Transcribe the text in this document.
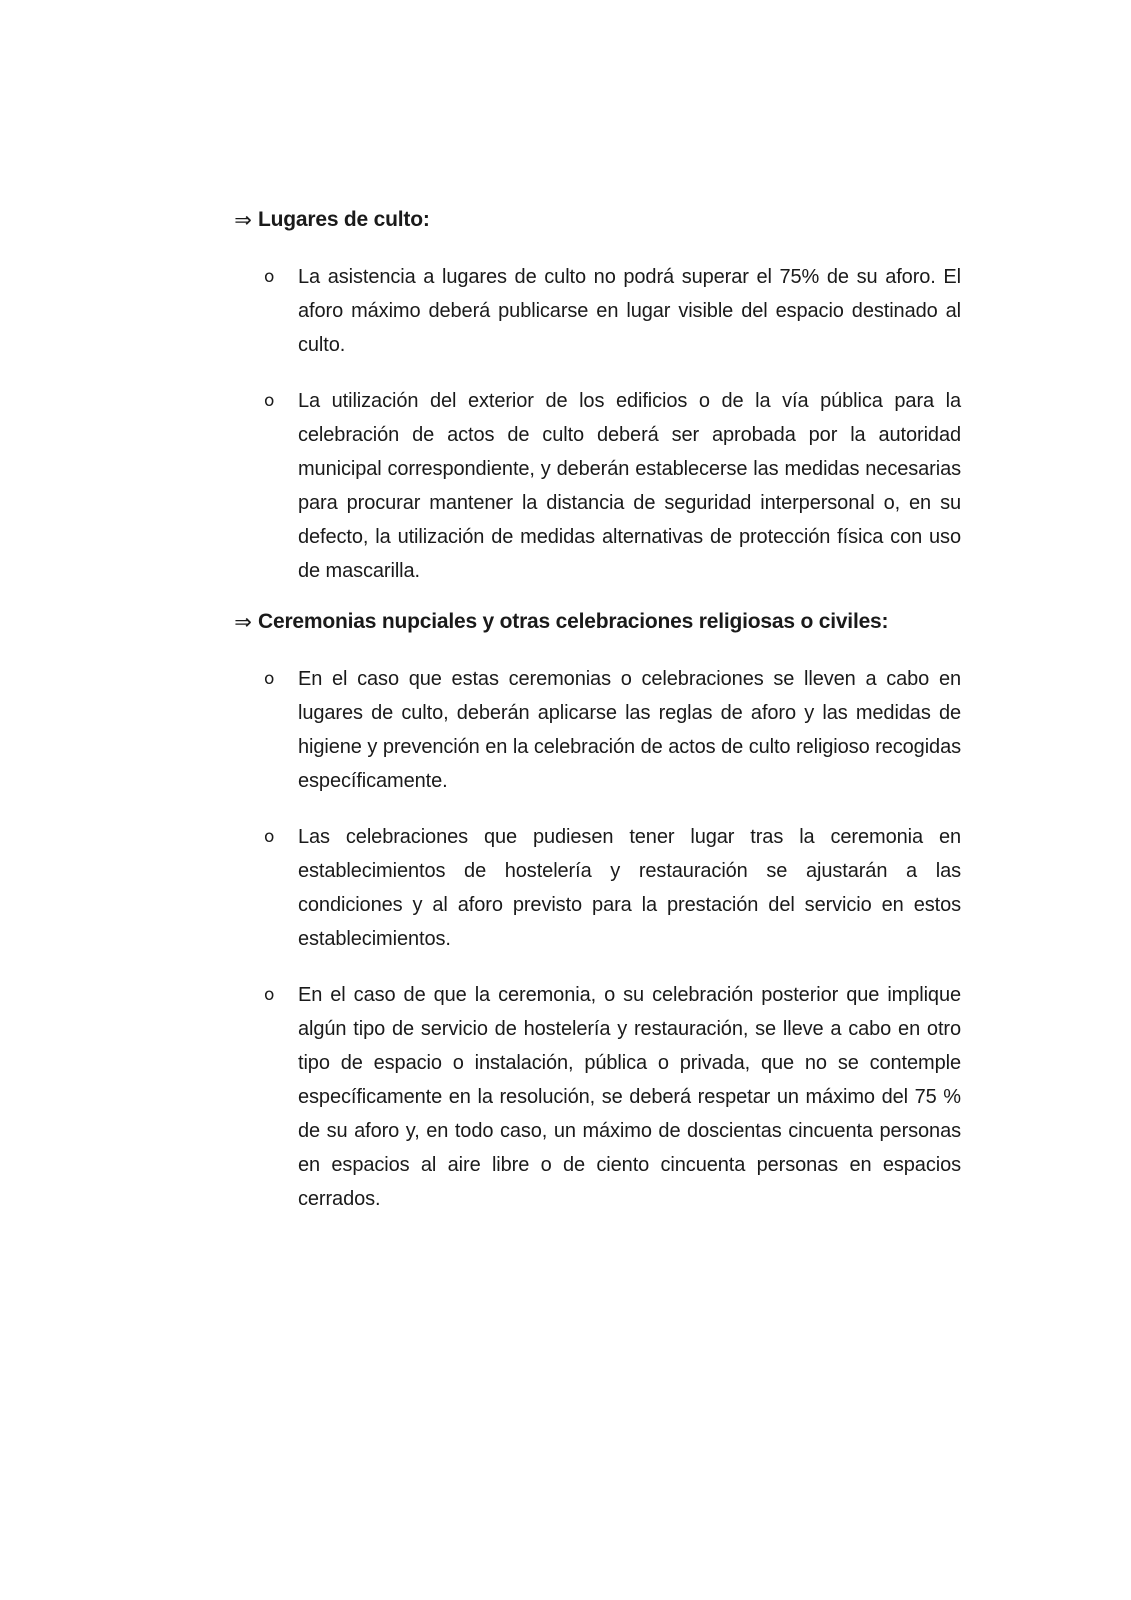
⇒ Lugares de culto:
o La asistencia a lugares de culto no podrá superar el 75% de su aforo. El aforo máximo deberá publicarse en lugar visible del espacio destinado al culto.

o La utilización del exterior de los edificios o de la vía pública para la celebración de actos de culto deberá ser aprobada por la autoridad municipal correspondiente, y deberán establecerse las medidas necesarias para procurar mantener la distancia de seguridad interpersonal o, en su defecto, la utilización de medidas alternativas de protección física con uso de mascarilla.

⇒ Ceremonias nupciales y otras celebraciones religiosas o civiles:
o En el caso que estas ceremonias o celebraciones se lleven a cabo en lugares de culto, deberán aplicarse las reglas de aforo y las medidas de higiene y prevención en la celebración de actos de culto religioso recogidas específicamente.

o Las celebraciones que pudiesen tener lugar tras la ceremonia en establecimientos de hostelería y restauración se ajustarán a las condiciones y al aforo previsto para la prestación del servicio en estos establecimientos.

o En el caso de que la ceremonia, o su celebración posterior que implique algún tipo de servicio de hostelería y restauración, se lleve a cabo en otro tipo de espacio o instalación, pública o privada, que no se contemple específicamente en la resolución, se deberá respetar un máximo del 75 % de su aforo y, en todo caso, un máximo de doscientas cincuenta personas en espacios al aire libre o de ciento cincuenta personas en espacios cerrados.
